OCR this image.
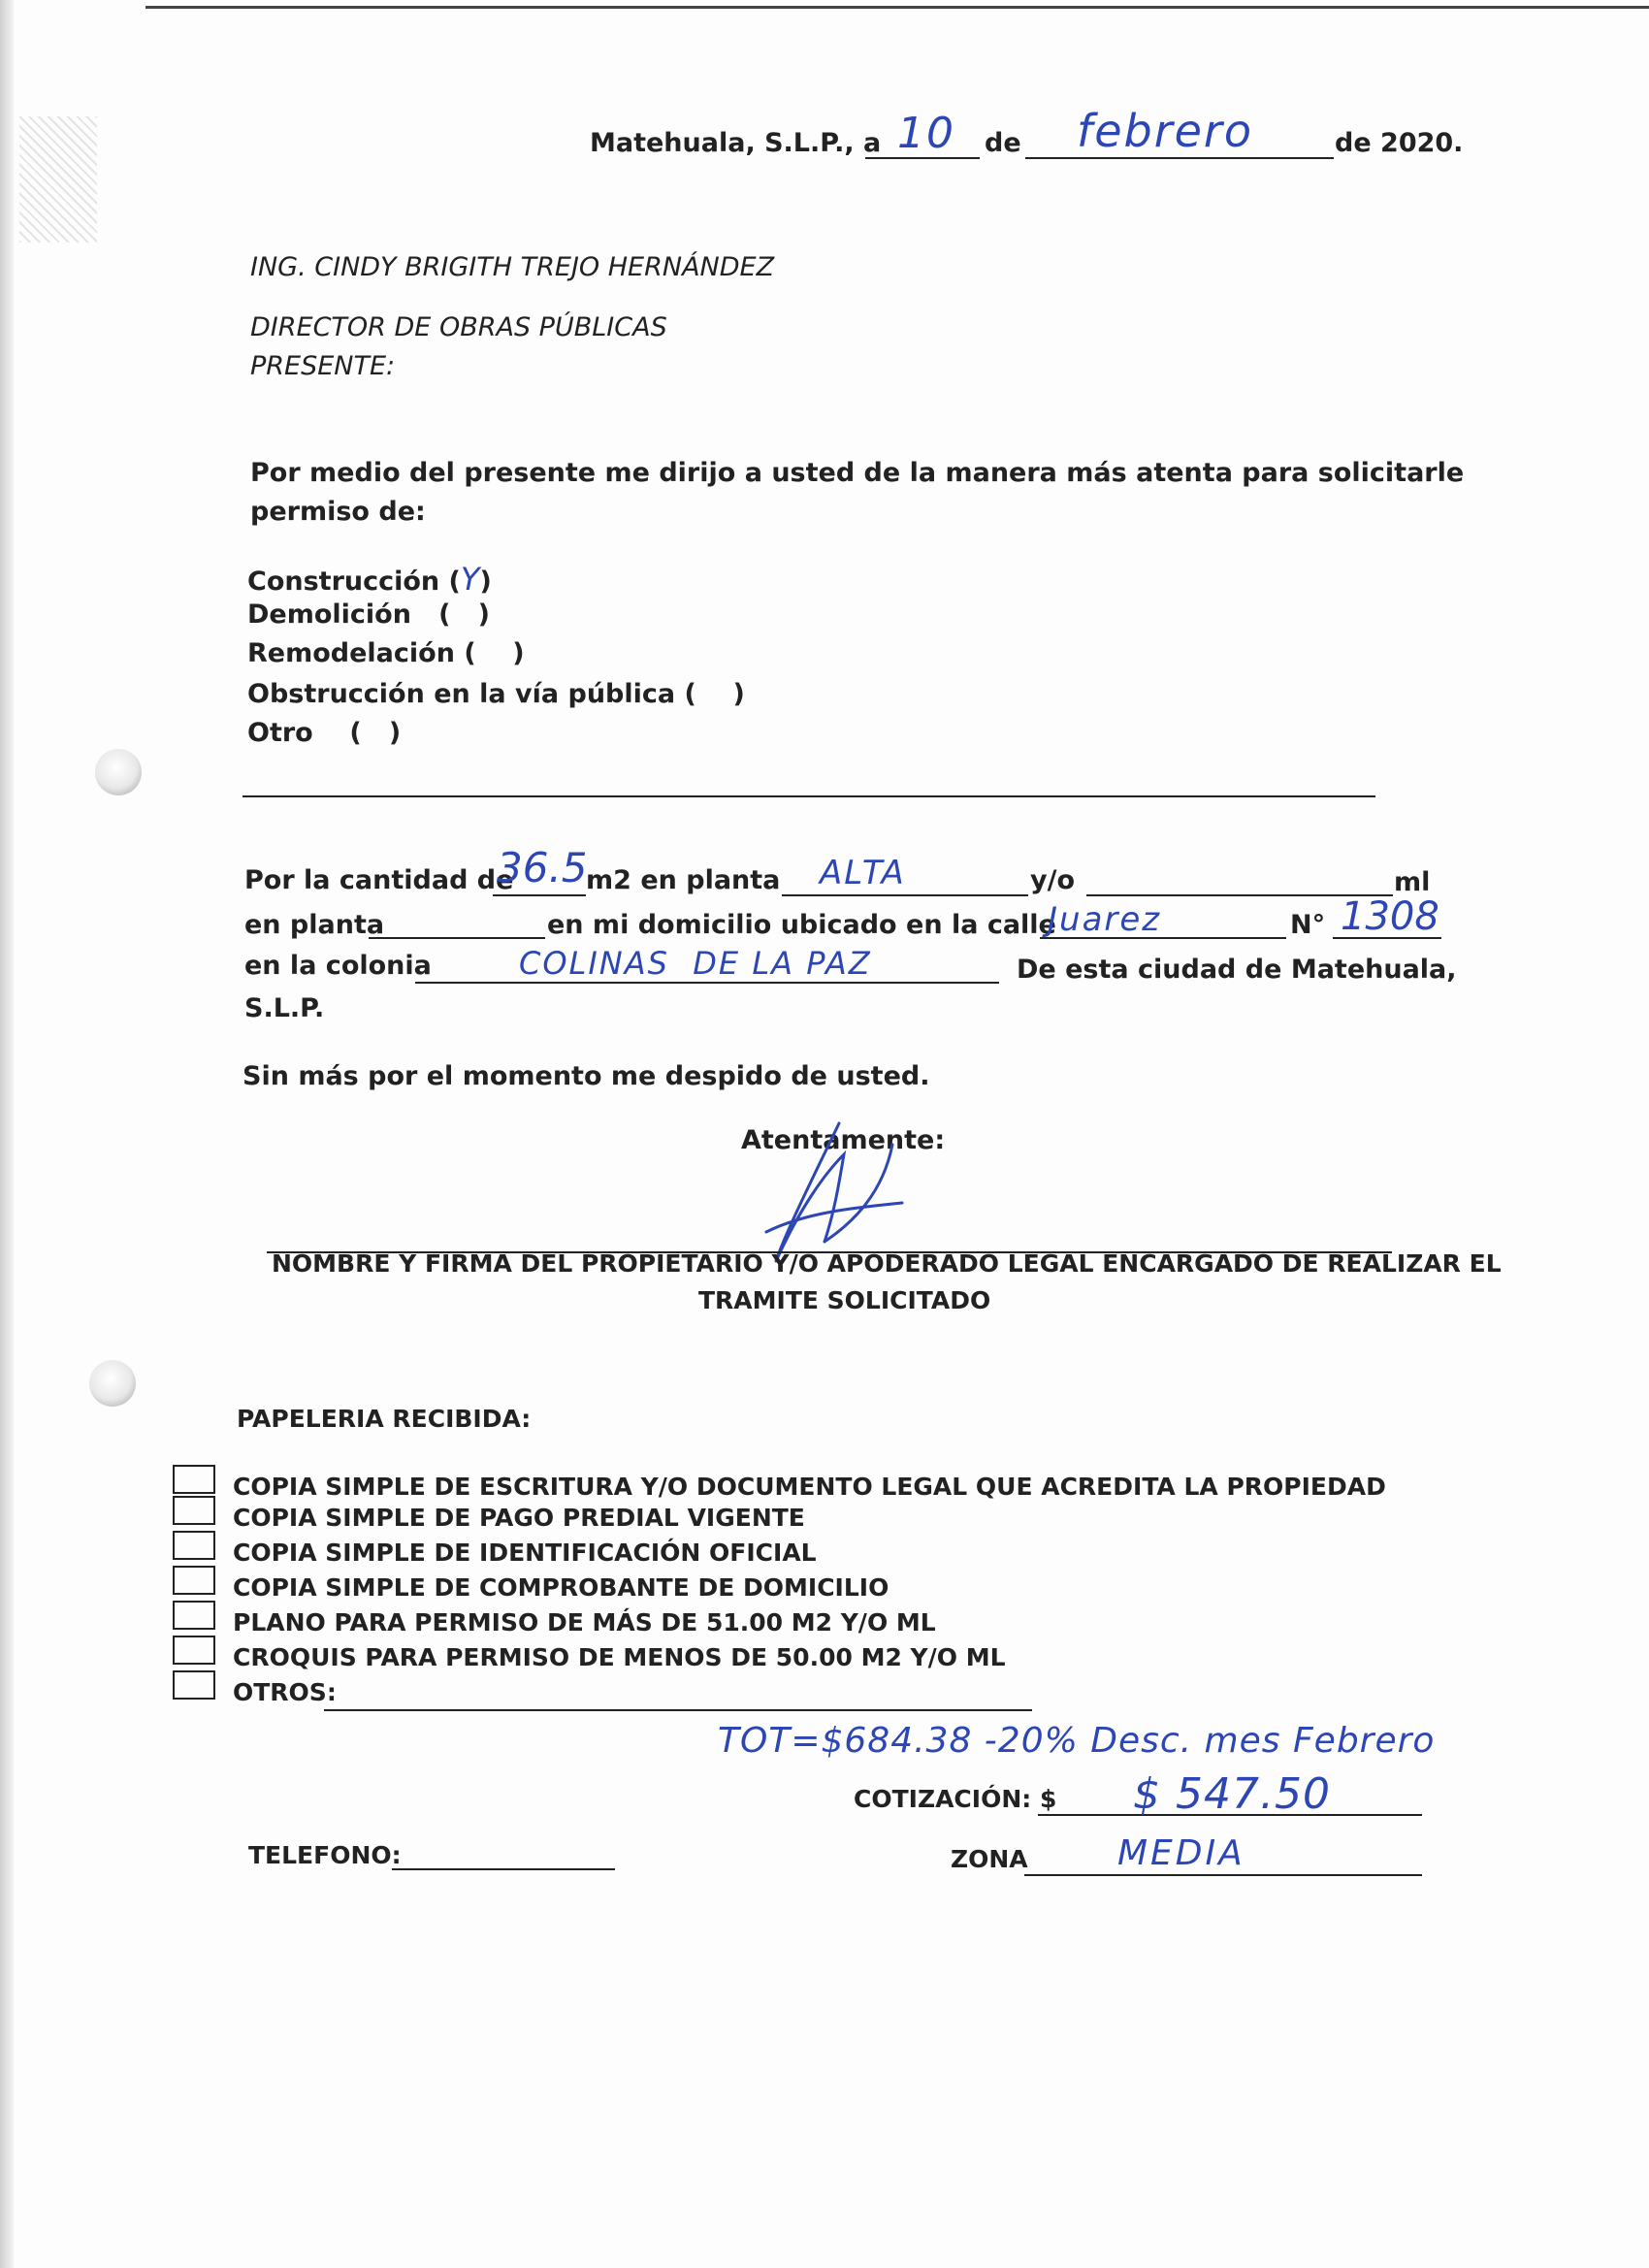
Matehuala, S.L.P., a 10 de febrero	de 2020.
ING. CINDY BRIGITH TREJO HERNÁNDEZ
DIRECTOR DE OBRAS PÚBLICAS
PRESENTE:
Por medio del presente me dirijo a usted de la manera más atenta para solicitarle
permiso de:
Construcción (Y)
Demolición   (   )
Remodelación (    )
Obstrucción en la vía pública (    )
Otro    (   )
Por la cantidad de
36.5
m2 en planta ALTA	y/o	ml
en planta	en mi domicilio ubicado en la calle
Juarez	N° 1308
en la colonia	COLINAS  DE LA PAZ	De esta ciudad de Matehuala,
S.L.P.
Sin más por el momento me despido de usted.
Atentamente:
NOMBRE Y FIRMA DEL PROPIETARIO Y/O APODERADO LEGAL ENCARGADO DE REALIZAR EL
TRAMITE SOLICITADO
PAPELERIA RECIBIDA:
COPIA SIMPLE DE ESCRITURA Y/O DOCUMENTO LEGAL QUE ACREDITA LA PROPIEDAD
COPIA SIMPLE DE PAGO PREDIAL VIGENTE
COPIA SIMPLE DE IDENTIFICACIÓN OFICIAL
COPIA SIMPLE DE COMPROBANTE DE DOMICILIO
PLANO PARA PERMISO DE MÁS DE 51.00 M2 Y/O ML
CROQUIS PARA PERMISO DE MENOS DE 50.00 M2 Y/O ML
OTROS:
TOT=$684.38 -20% Desc. mes Febrero
COTIZACIÓN: $ $ 547.50
TELEFONO:	ZONA	MEDIA
